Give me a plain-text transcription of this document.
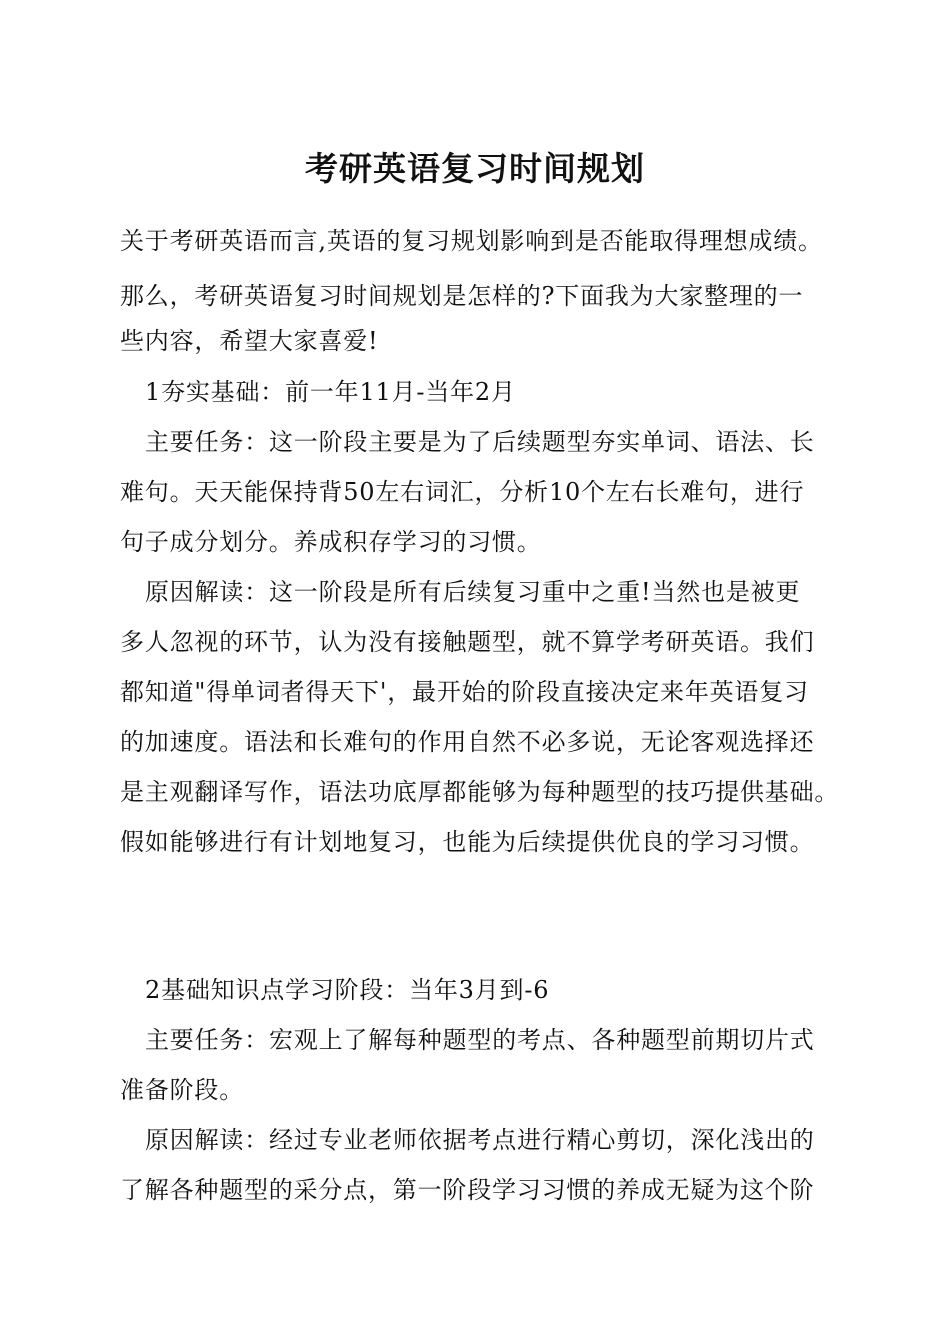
考研英语复习时间规划
关于考研英语而言,英语的复习规划影响到是否能取得理想成绩。
那么，考研英语复习时间规划是怎样的?下面我为大家整理的一
些内容，希望大家喜爱!
1夯实基础：前一年11月-当年2月
主要任务：这一阶段主要是为了后续题型夯实单词、语法、长
难句。天天能保持背50左右词汇，分析10个左右长难句，进行
句子成分划分。养成积存学习的习惯。
原因解读：这一阶段是所有后续复习重中之重!当然也是被更
多人忽视的环节，认为没有接触题型，就不算学考研英语。我们
都知道"得单词者得天下'，最开始的阶段直接决定来年英语复习
的加速度。语法和长难句的作用自然不必多说，无论客观选择还
是主观翻译写作，语法功底厚都能够为每种题型的技巧提供基础。
假如能够进行有计划地复习，也能为后续提供优良的学习习惯。
2基础知识点学习阶段：当年3月到-6
主要任务：宏观上了解每种题型的考点、各种题型前期切片式
准备阶段。
原因解读：经过专业老师依据考点进行精心剪切，深化浅出的
了解各种题型的采分点，第一阶段学习习惯的养成无疑为这个阶
